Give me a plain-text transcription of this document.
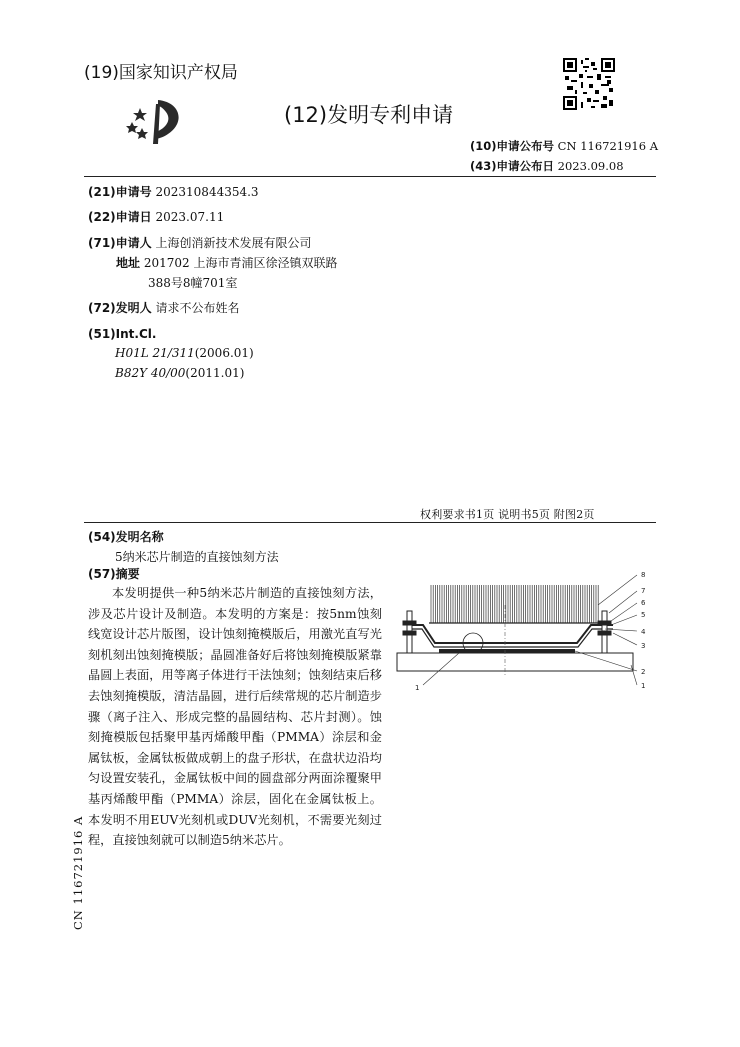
(19)国家知识产权局
(12)发明专利申请
(10)申请公布号 CN 116721916 A
(43)申请公布日 2023.09.08
(21)申请号 202310844354.3
(22)申请日 2023.07.11
(71)申请人 上海创消新技术发展有限公司
地址 201702 上海市青浦区徐泾镇双联路
388号8幢701室
(72)发明人 请求不公布姓名
(51)Int.Cl.
H01L 21/311(2006.01)
B82Y 40/00(2011.01)
权利要求书1页 说明书5页 附图2页
(54)发明名称
5纳米芯片制造的直接蚀刻方法
(57)摘要
本发明提供一种5纳米芯片制造的直接蚀刻方法，涉及芯片设计及制造。本发明的方案是：按5nm蚀刻线宽设计芯片版图，设计蚀刻掩模版后，用激光直写光刻机刻出蚀刻掩模版；晶圆准备好后将蚀刻掩模版紧靠晶圆上表面，用等离子体进行干法蚀刻；蚀刻结束后移去蚀刻掩模版，清洁晶圆，进行后续常规的芯片制造步骤（离子注入、形成完整的晶圆结构、芯片封测）。蚀刻掩模版包括聚甲基丙烯酸甲酯（PMMA）涂层和金属钛板，金属钛板做成朝上的盘子形状，在盘状边沿均匀设置安装孔，金属钛板中间的圆盘部分两面涂覆聚甲基丙烯酸甲酯（PMMA）涂层，固化在金属钛板上。本发明不用EUV光刻机或DUV光刻机，不需要光刻过程，直接蚀刻就可以制造5纳米芯片。
8
7
6
5
4
3
2
1
1
CN 116721916 A
